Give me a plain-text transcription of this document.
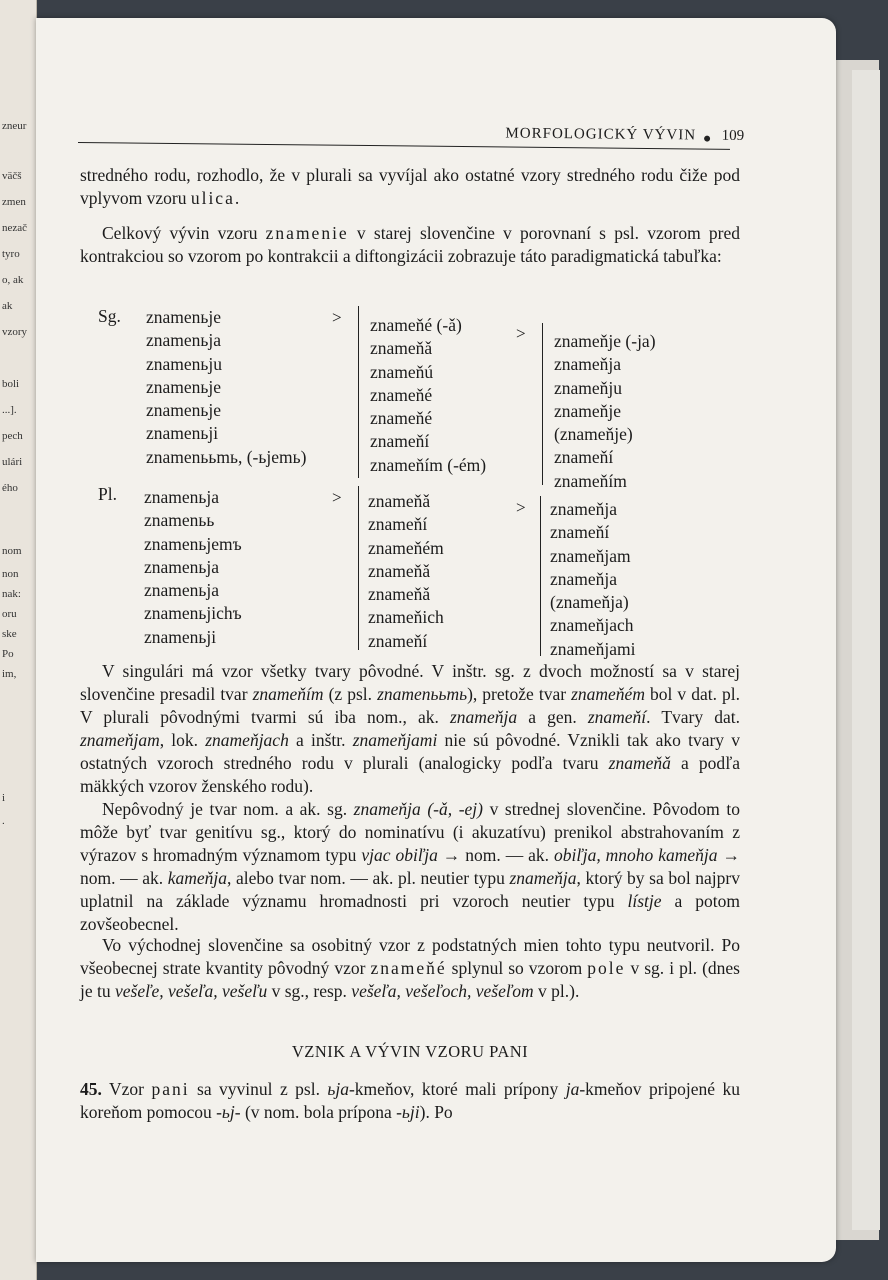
zneur
väčš
zmen
nezač
tyro
o, ak
ak
vzory
boli
...].
pech
ulári
ého
nom
non
nak:
oru
ske
Po
im,
i
.
MORFOLOGICKÝ VÝVIN 109

stredného rodu, rozhodlo, že v plurali sa vyvíjal ako ostatné vzory stredného rodu čiže pod vplyvom vzoru ulica.

Celkový vývin vzoru znamenie v starej slovenčine v porovnaní s psl. vzorom pred kontrakciou so vzorom po kontrakcii a diftongizácii zobrazuje táto paradigmatická tabuľka:

Sg. znamenьje
znamenьja
znamenьju
znamenьje
znamenьje
znamenьji
znamenььmь, (-ьjemь)
> znameňé (-ǎ)
znameňǎ
znameňú
znameňé
znameňé
znameňí
znameňím (-ém)
> znameňje (-ja)
znameňja
znameňju
znameňje
(znameňje)
znameňí
znameňím
Pl. znamenьja
znamenьь
znamenьjemъ
znamenьja
znamenьja
znamenьjichъ
znamenьji
> znameňǎ
znameňí
znameňém
znameňǎ
znameňǎ
znameňich
znameňí
> znameňja
znameňí
znameňjam
znameňja
(znameňja)
znameňjach
znameňjami

V singulári má vzor všetky tvary pôvodné. V inštr. sg. z dvoch možností sa v starej slovenčine presadil tvar znameňím (z psl. znamenььmь), pretože tvar znameňém bol v dat. pl. V plurali pôvodnými tvarmi sú iba nom., ak. znameňja a gen. znameňí. Tvary dat. znameňjam, lok. znameňjach a inštr. znameňjami nie sú pôvodné. Vznikli tak ako tvary v ostatných vzoroch stredného rodu v plurali (analogicky podľa tvaru znameňǎ a podľa mäkkých vzorov ženského rodu).

Nepôvodný je tvar nom. a ak. sg. znameňja (-ǎ, -ej) v strednej slovenčine. Pôvodom to môže byť tvar genitívu sg., ktorý do nominatívu (i akuzatívu) prenikol abstrahovaním z výrazov s hromadným významom typu vjac obiľja → nom. — ak. obiľja, mnoho kameňja → nom. — ak. kameňja, alebo tvar nom. — ak. pl. neutier typu znameňja, ktorý by sa bol najprv uplatnil na základe významu hromadnosti pri vzoroch neutier typu lístje a potom zovšeobecnel.

Vo východnej slovenčine sa osobitný vzor z podstatných mien tohto typu neutvoril. Po všeobecnej strate kvantity pôvodný vzor znameňé splynul so vzorom pole v sg. i pl. (dnes je tu vešeľe, vešeľa, vešeľu v sg., resp. vešeľa, vešeľoch, vešeľom v pl.).

VZNIK A VÝVIN VZORU PANI

45. Vzor pani sa vyvinul z psl. ьja-kmeňov, ktoré mali prípony ja-kmeňov pripojené ku koreňom pomocou -ьj- (v nom. bola prípona -ьji). Po
